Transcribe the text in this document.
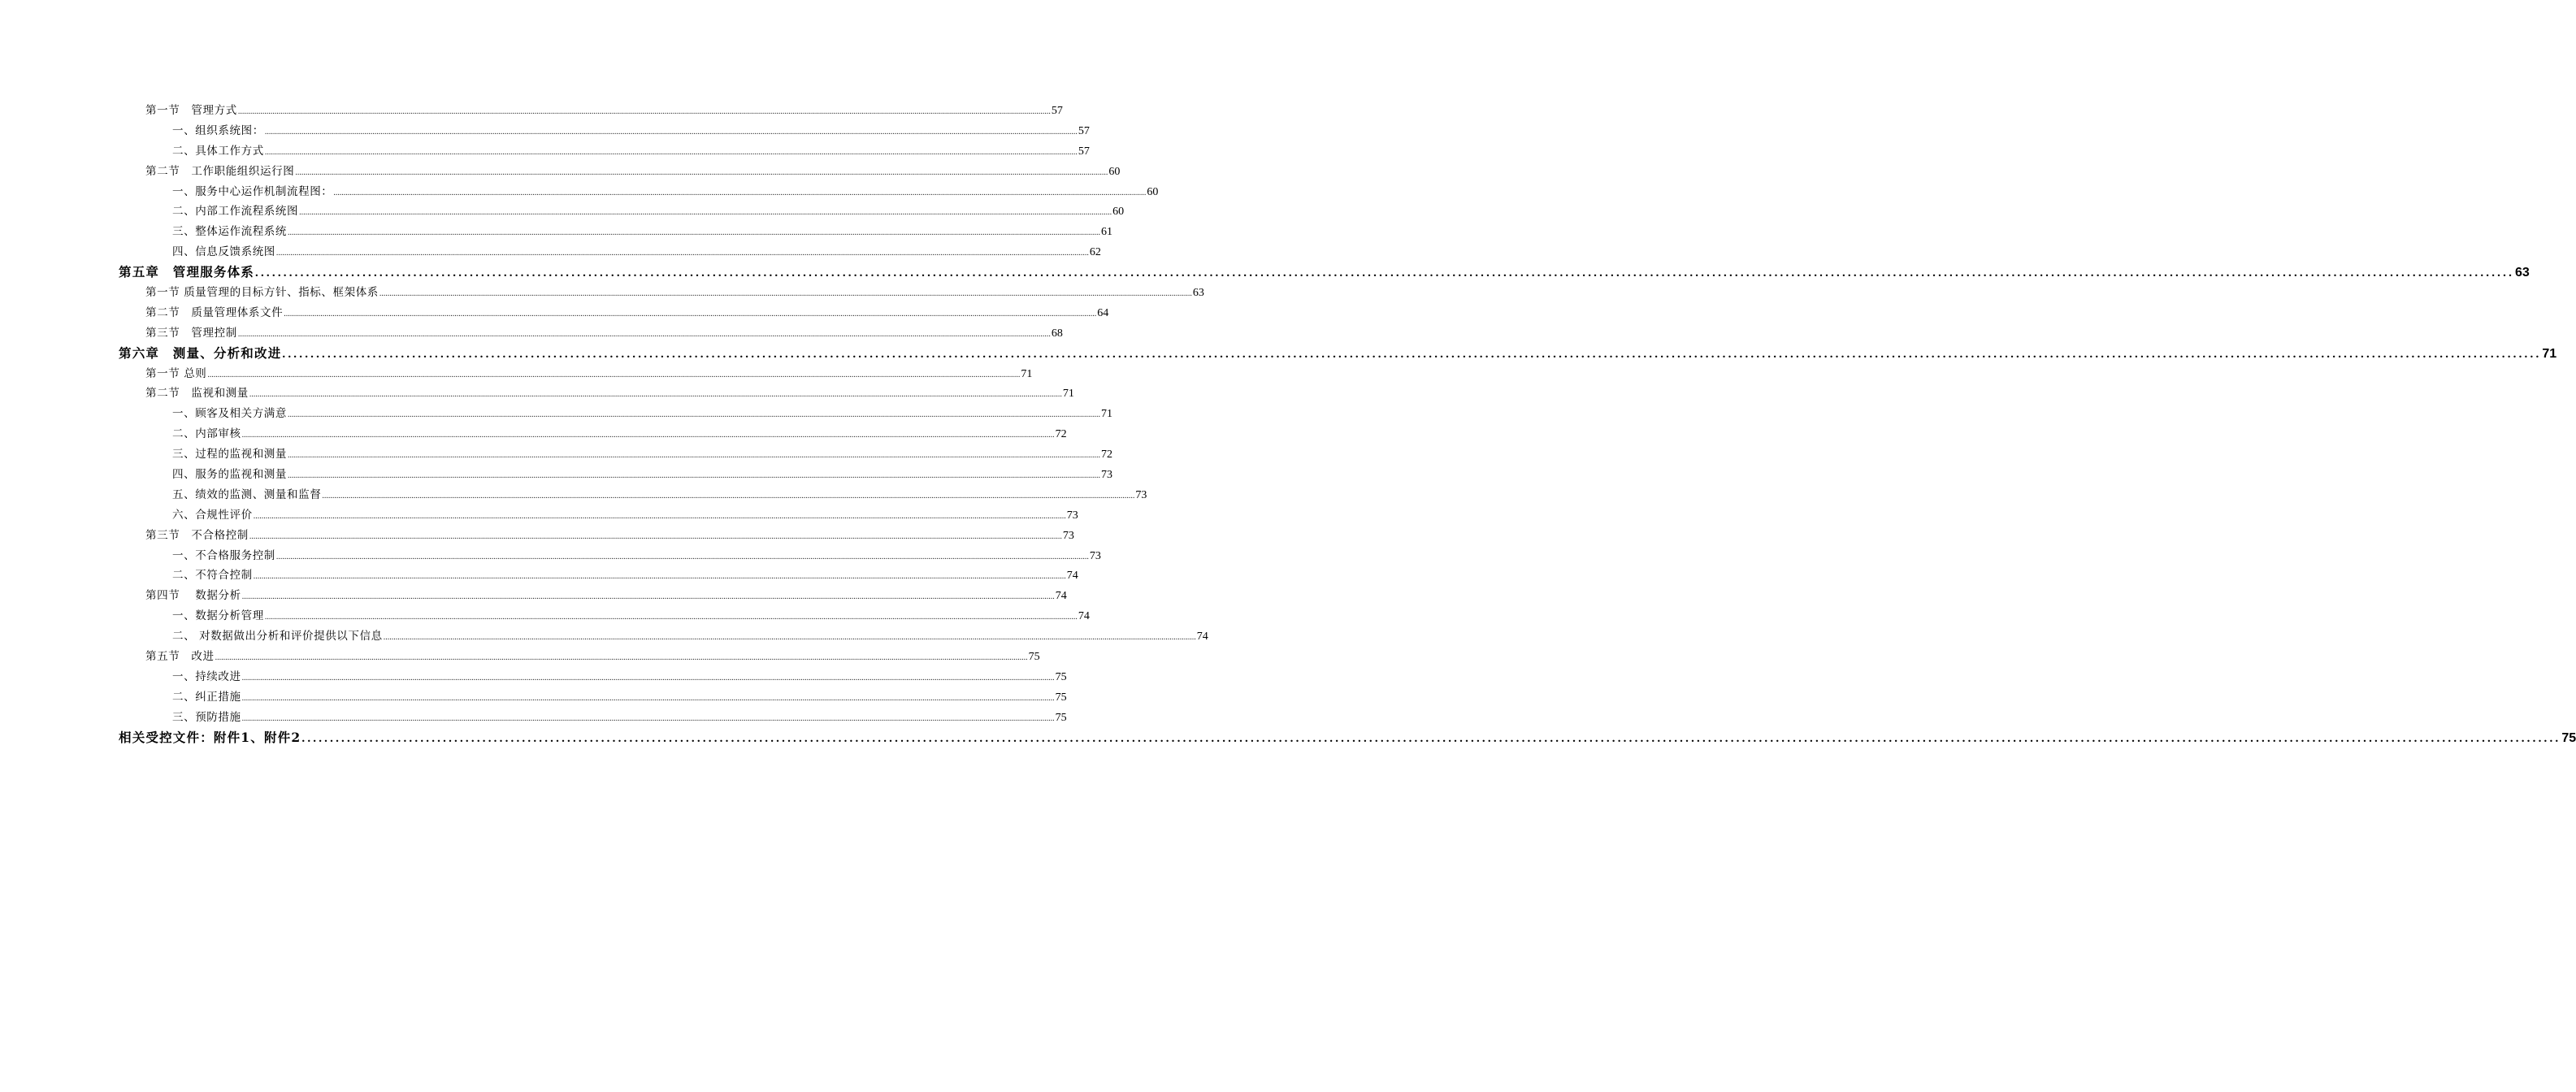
第一节　管理方式 ................................................................................................................................................................................................................................................................................................................................................................................................................ 57
一、组织系统图： ................................................................................................................................................................................................................................................................................................................................................................................................................ 57
二、具体工作方式 ................................................................................................................................................................................................................................................................................................................................................................................................................ 57
第二节　工作职能组织运行图 ................................................................................................................................................................................................................................................................................................................................................................................................................ 60
一、服务中心运作机制流程图： ................................................................................................................................................................................................................................................................................................................................................................................................................ 60
二、内部工作流程系统图 ................................................................................................................................................................................................................................................................................................................................................................................................................ 60
三、整体运作流程系统 ................................................................................................................................................................................................................................................................................................................................................................................................................ 61
四、信息反馈系统图 ................................................................................................................................................................................................................................................................................................................................................................................................................ 62
第五章　管理服务体系 ................................................................................................................................................................................................................................................................................................................................................................................................................ 63
第一节 质量管理的目标方针、指标、框架体系 ................................................................................................................................................................................................................................................................................................................................................................................................................ 63
第二节　质量管理体系文件 ................................................................................................................................................................................................................................................................................................................................................................................................................ 64
第三节　管理控制 ................................................................................................................................................................................................................................................................................................................................................................................................................ 68
第六章　测量、分析和改进 ................................................................................................................................................................................................................................................................................................................................................................................................................ 71
第一节 总则 ................................................................................................................................................................................................................................................................................................................................................................................................................ 71
第二节　监视和测量 ................................................................................................................................................................................................................................................................................................................................................................................................................ 71
一、顾客及相关方满意 ................................................................................................................................................................................................................................................................................................................................................................................................................ 71
二、内部审核 ................................................................................................................................................................................................................................................................................................................................................................................................................ 72
三、过程的监视和测量 ................................................................................................................................................................................................................................................................................................................................................................................................................ 72
四、服务的监视和测量 ................................................................................................................................................................................................................................................................................................................................................................................................................ 73
五、绩效的监测、测量和监督 ................................................................................................................................................................................................................................................................................................................................................................................................................ 73
六、合规性评价 ................................................................................................................................................................................................................................................................................................................................................................................................................ 73
第三节　不合格控制 ................................................................................................................................................................................................................................................................................................................................................................................................................ 73
一、不合格服务控制 ................................................................................................................................................................................................................................................................................................................................................................................................................ 73
二、不符合控制 ................................................................................................................................................................................................................................................................................................................................................................................................................ 74
第四节　 数据分析 ................................................................................................................................................................................................................................................................................................................................................................................................................ 74
一、数据分析管理 ................................................................................................................................................................................................................................................................................................................................................................................................................ 74
二、 对数据做出分析和评价提供以下信息 ................................................................................................................................................................................................................................................................................................................................................................................................................ 74
第五节　改进 ................................................................................................................................................................................................................................................................................................................................................................................................................ 75
一、持续改进 ................................................................................................................................................................................................................................................................................................................................................................................................................ 75
二、纠正措施 ................................................................................................................................................................................................................................................................................................................................................................................................................ 75
三、预防措施 ................................................................................................................................................................................................................................................................................................................................................................................................................ 75
相关受控文件：附件1、附件2 ................................................................................................................................................................................................................................................................................................................................................................................................................ 75
